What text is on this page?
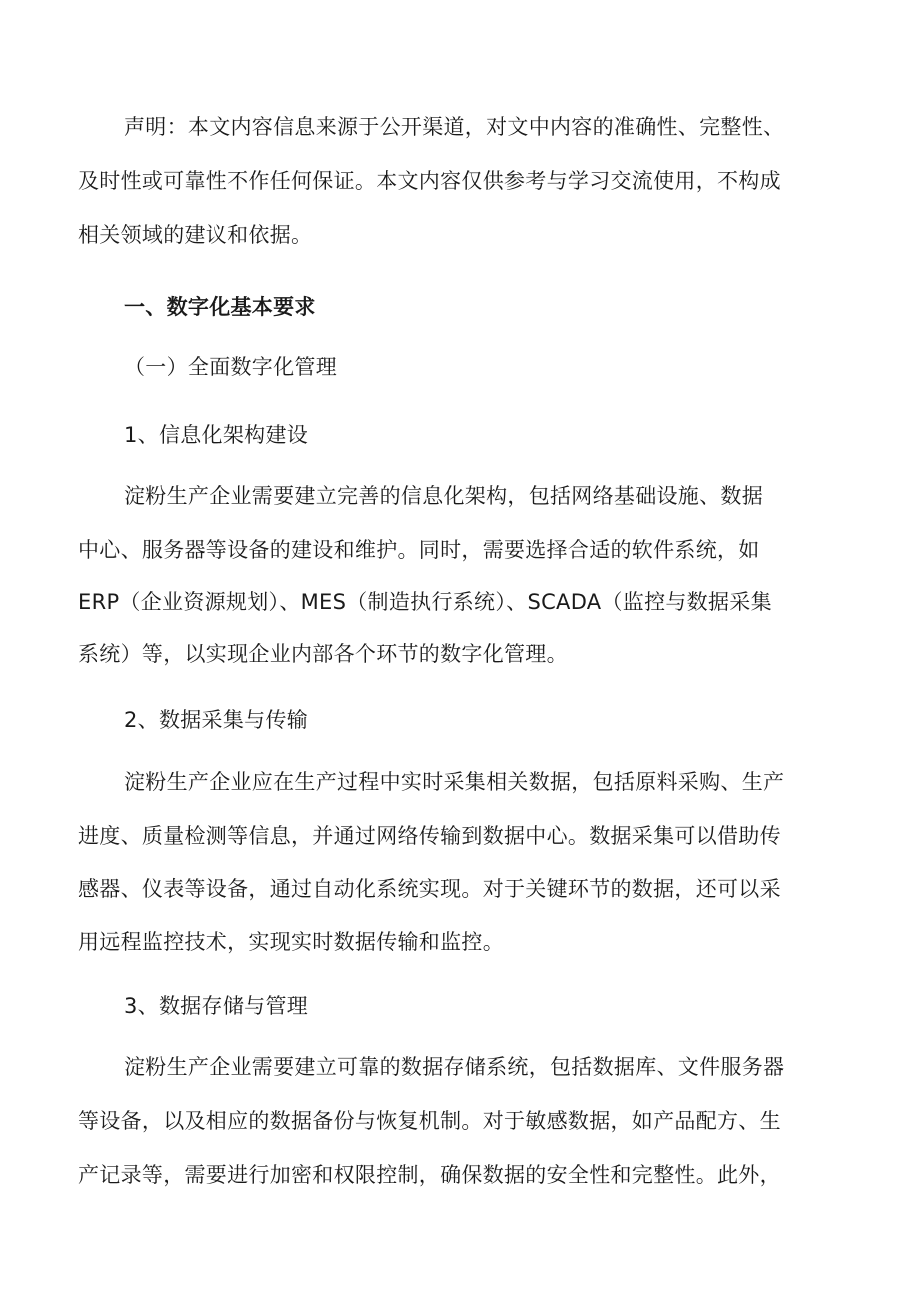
声明：本文内容信息来源于公开渠道，对文中内容的准确性、完整性、
及时性或可靠性不作任何保证。本文内容仅供参考与学习交流使用，不构成
相关领域的建议和依据。
一、数字化基本要求
（一）全面数字化管理
1、信息化架构建设
淀粉生产企业需要建立完善的信息化架构，包括网络基础设施、数据
中心、服务器等设备的建设和维护。同时，需要选择合适的软件系统，如
ERP（企业资源规划）、MES（制造执行系统）、SCADA（监控与数据采集
系统）等，以实现企业内部各个环节的数字化管理。
2、数据采集与传输
淀粉生产企业应在生产过程中实时采集相关数据，包括原料采购、生产
进度、质量检测等信息，并通过网络传输到数据中心。数据采集可以借助传
感器、仪表等设备，通过自动化系统实现。对于关键环节的数据，还可以采
用远程监控技术，实现实时数据传输和监控。
3、数据存储与管理
淀粉生产企业需要建立可靠的数据存储系统，包括数据库、文件服务器
等设备，以及相应的数据备份与恢复机制。对于敏感数据，如产品配方、生
产记录等，需要进行加密和权限控制，确保数据的安全性和完整性。此外，
